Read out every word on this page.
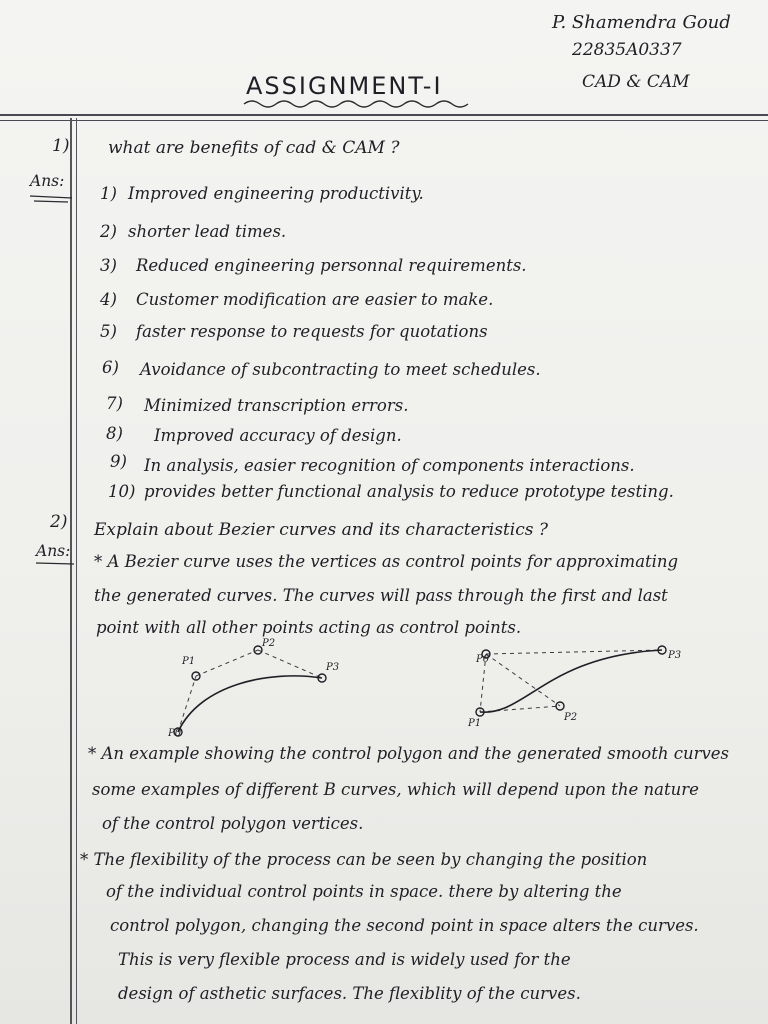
P. Shamendra Goud
22835A0337
CAD & CAM
ASSIGNMENT-I
1) what are benefits of cad & CAM ?
Ans:
1) Improved engineering productivity.
2) shorter lead times.
3) Reduced engineering personnal requirements.
4) Customer modification are easier to make.
5) faster response to requests for quotations
6) Avoidance of subcontracting to meet schedules.
7) Minimized transcription errors.
8) Improved accuracy of design.
9) In analysis, easier recognition of components interactions.
10) provides better functional analysis to reduce prototype testing.
2) Explain about Bezier curves and its characteristics ?
Ans:
* A Bezier curve uses the vertices as control points for approximating
the generated curves. The curves will pass through the first and last
point with all other points acting as control points.
P0
P1
P2
P3
P0
P1
P2
P3
* An example showing the control polygon and the generated smooth curves
some examples of different B curves, which will depend upon the nature
of the control polygon vertices.
* The flexibility of the process can be seen by changing the position
of the individual control points in space. there by altering the
control polygon, changing the second point in space alters the curves.
This is very flexible process and is widely used for the
design of asthetic surfaces. The flexiblity of the curves.
